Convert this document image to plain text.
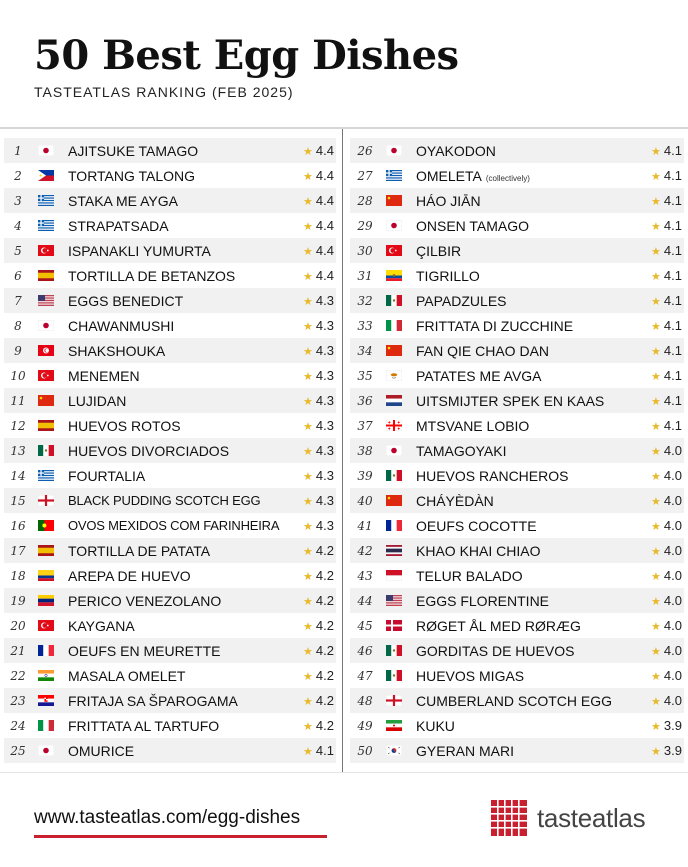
50 Best Egg Dishes
TASTEATLAS RANKING (FEB 2025)
1	AJITSUKE TAMAGO	★ 4.4
2	TORTANG TALONG	★ 4.4
3	STAKA ME AYGA	★ 4.4
4	STRAPATSADA	★ 4.4
5	ISPANAKLI YUMURTA	★ 4.4
6	TORTILLA DE BETANZOS	★ 4.4
7	EGGS BENEDICT	★ 4.3
8	CHAWANMUSHI	★ 4.3
9	SHAKSHOUKA	★ 4.3
10	MENEMEN	★ 4.3
11	LUJIDAN	★ 4.3
12	HUEVOS ROTOS	★ 4.3
13	HUEVOS DIVORCIADOS	★ 4.3
14	FOURTALIA	★ 4.3
15	BLACK PUDDING SCOTCH EGG	★ 4.3
16	OVOS MEXIDOS COM FARINHEIRA	★ 4.3
17	TORTILLA DE PATATA	★ 4.2
18	AREPA DE HUEVO	★ 4.2
19	PERICO VENEZOLANO	★ 4.2
20	KAYGANA	★ 4.2
21	OEUFS EN MEURETTE	★ 4.2
22	MASALA OMELET	★ 4.2
23	FRITAJA SA ŠPAROGAMA	★ 4.2
24	FRITTATA AL TARTUFO	★ 4.2
25	OMURICE	★ 4.1
26	OYAKODON	★ 4.1
27	OMELETA (collectively)	★ 4.1
28	HÁO JIĀN	★ 4.1
29	ONSEN TAMAGO	★ 4.1
30	ÇILBIR	★ 4.1
31	TIGRILLO	★ 4.1
32	PAPADZULES	★ 4.1
33	FRITTATA DI ZUCCHINE	★ 4.1
34	FAN QIE CHAO DAN	★ 4.1
35	PATATES ME AVGA	★ 4.1
36	UITSMIJTER SPEK EN KAAS	★ 4.1
37	MTSVANE LOBIO	★ 4.1
38	TAMAGOYAKI	★ 4.0
39	HUEVOS RANCHEROS	★ 4.0
40	CHÁYÈDÀN	★ 4.0
41	OEUFS COCOTTE	★ 4.0
42	KHAO KHAI CHIAO	★ 4.0
43	TELUR BALADO	★ 4.0
44	EGGS FLORENTINE	★ 4.0
45	RØGET ÅL MED RØRÆG	★ 4.0
46	GORDITAS DE HUEVOS	★ 4.0
47	HUEVOS MIGAS	★ 4.0
48	CUMBERLAND SCOTCH EGG	★ 4.0
49	KUKU	★ 3.9
50	GYERAN MARI	★ 3.9
www.tasteatlas.com/egg-dishes	tasteatlas
